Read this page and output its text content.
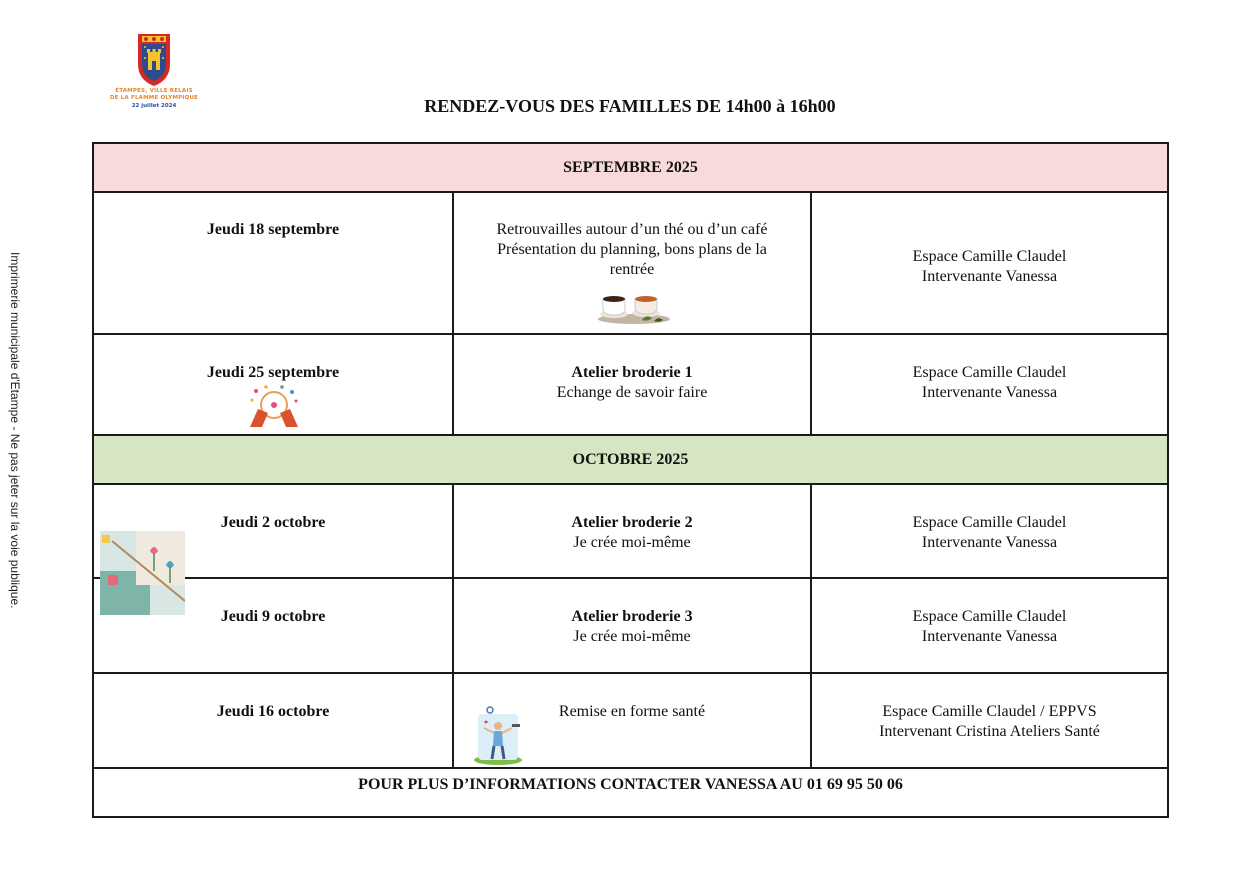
ÉTAMPES, VILLE RELAIS
DE LA FLAMME OLYMPIQUE
22 juillet 2024	RENDEZ-VOUS DES FAMILLES DE 14h00 à 16h00
Imprimerie municipale d'Etampe - Ne pas jeter sur la voie publique.
SEPTEMBRE 2025		

Jeudi 18 septembre	Retrouvailles autour d’un thé ou d’un café
Présentation du planning, bons plans de la
rentrée	Espace Camille Claudel
Intervenante Vanessa

Jeudi 25 septembre	Atelier broderie 1
Echange de savoir faire	Espace Camille Claudel
Intervenante Vanessa

OCTOBRE 2025		

Jeudi 2 octobre	Atelier broderie 2
Je crée moi-même	Espace Camille Claudel
Intervenante Vanessa

Jeudi 9 octobre	Atelier broderie 3
Je crée moi-même	Espace Camille Claudel
Intervenante Vanessa

Jeudi 16 octobre	Remise en forme santé	Espace Camille Claudel / EPPVS
Intervenant Cristina Ateliers Santé

POUR PLUS D’INFORMATIONS CONTACTER VANESSA AU 01 69 95 50 06		
